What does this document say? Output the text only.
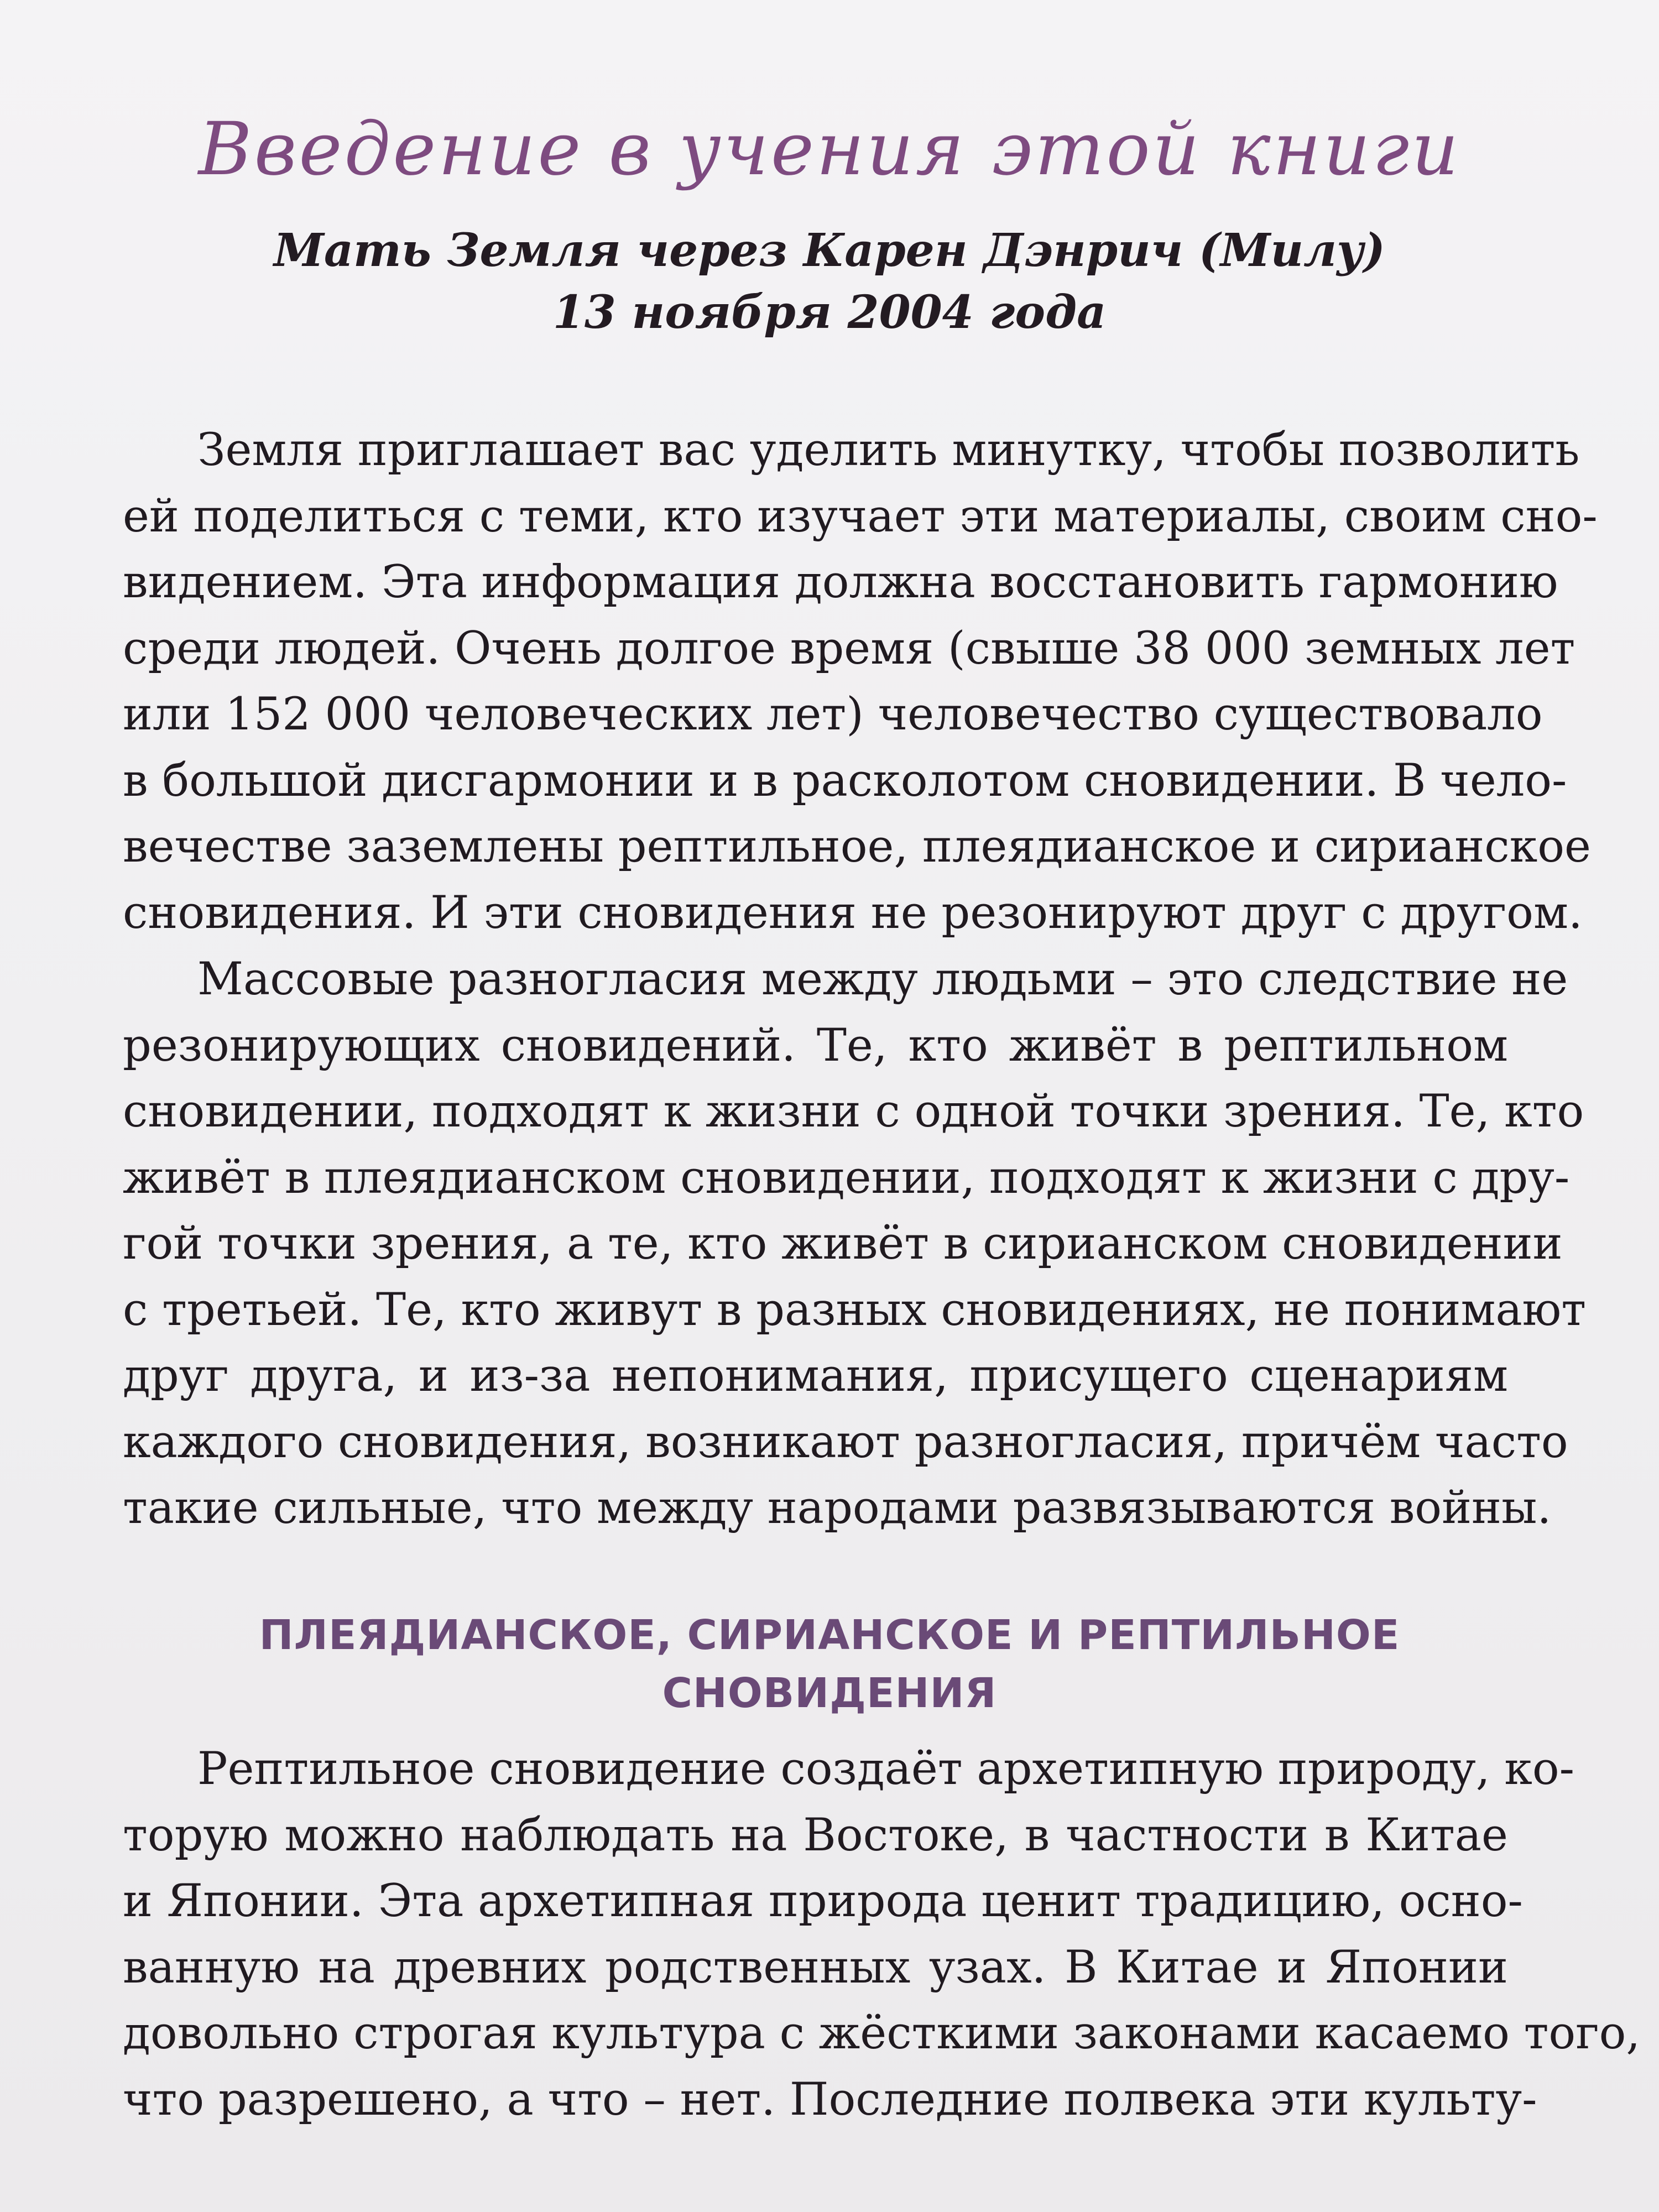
Введение в учения этой книги
Мать Земля через Карен Дэнрич (Милу)
13 ноября 2004 года
Земля приглашает вас уделить минутку, чтобы позволить
ей поделиться с теми, кто изучает эти материалы, своим сно-
видением. Эта информация должна восстановить гармонию
среди людей. Очень долгое время (свыше 38 000 земных лет
или 152 000 человеческих лет) человечество существовало
в большой дисгармонии и в расколотом сновидении. В чело-
вечестве заземлены рептильное, плеядианское и сирианское
сновидения. И эти сновидения не резонируют друг с другом.
Массовые разногласия между людьми – это следствие не
резонирующих сновидений. Те, кто живёт в рептильном
сновидении, подходят к жизни с одной точки зрения. Те, кто
живёт в плеядианском сновидении, подходят к жизни с дру-
гой точки зрения, а те, кто живёт в сирианском сновидении
с третьей. Те, кто живут в разных сновидениях, не понимают
друг друга, и из-за непонимания, присущего сценариям
каждого сновидения, возникают разногласия, причём часто
такие сильные, что между народами развязываются войны.
ПЛЕЯДИАНСКОЕ, СИРИАНСКОЕ И РЕПТИЛЬНОЕ
СНОВИДЕНИЯ
Рептильное сновидение создаёт архетипную природу, ко-
торую можно наблюдать на Востоке, в частности в Китае
и Японии. Эта архетипная природа ценит традицию, осно-
ванную на древних родственных узах. В Китае и Японии
довольно строгая культура с жёсткими законами касаемо того,
что разрешено, а что – нет. Последние полвека эти культу-
